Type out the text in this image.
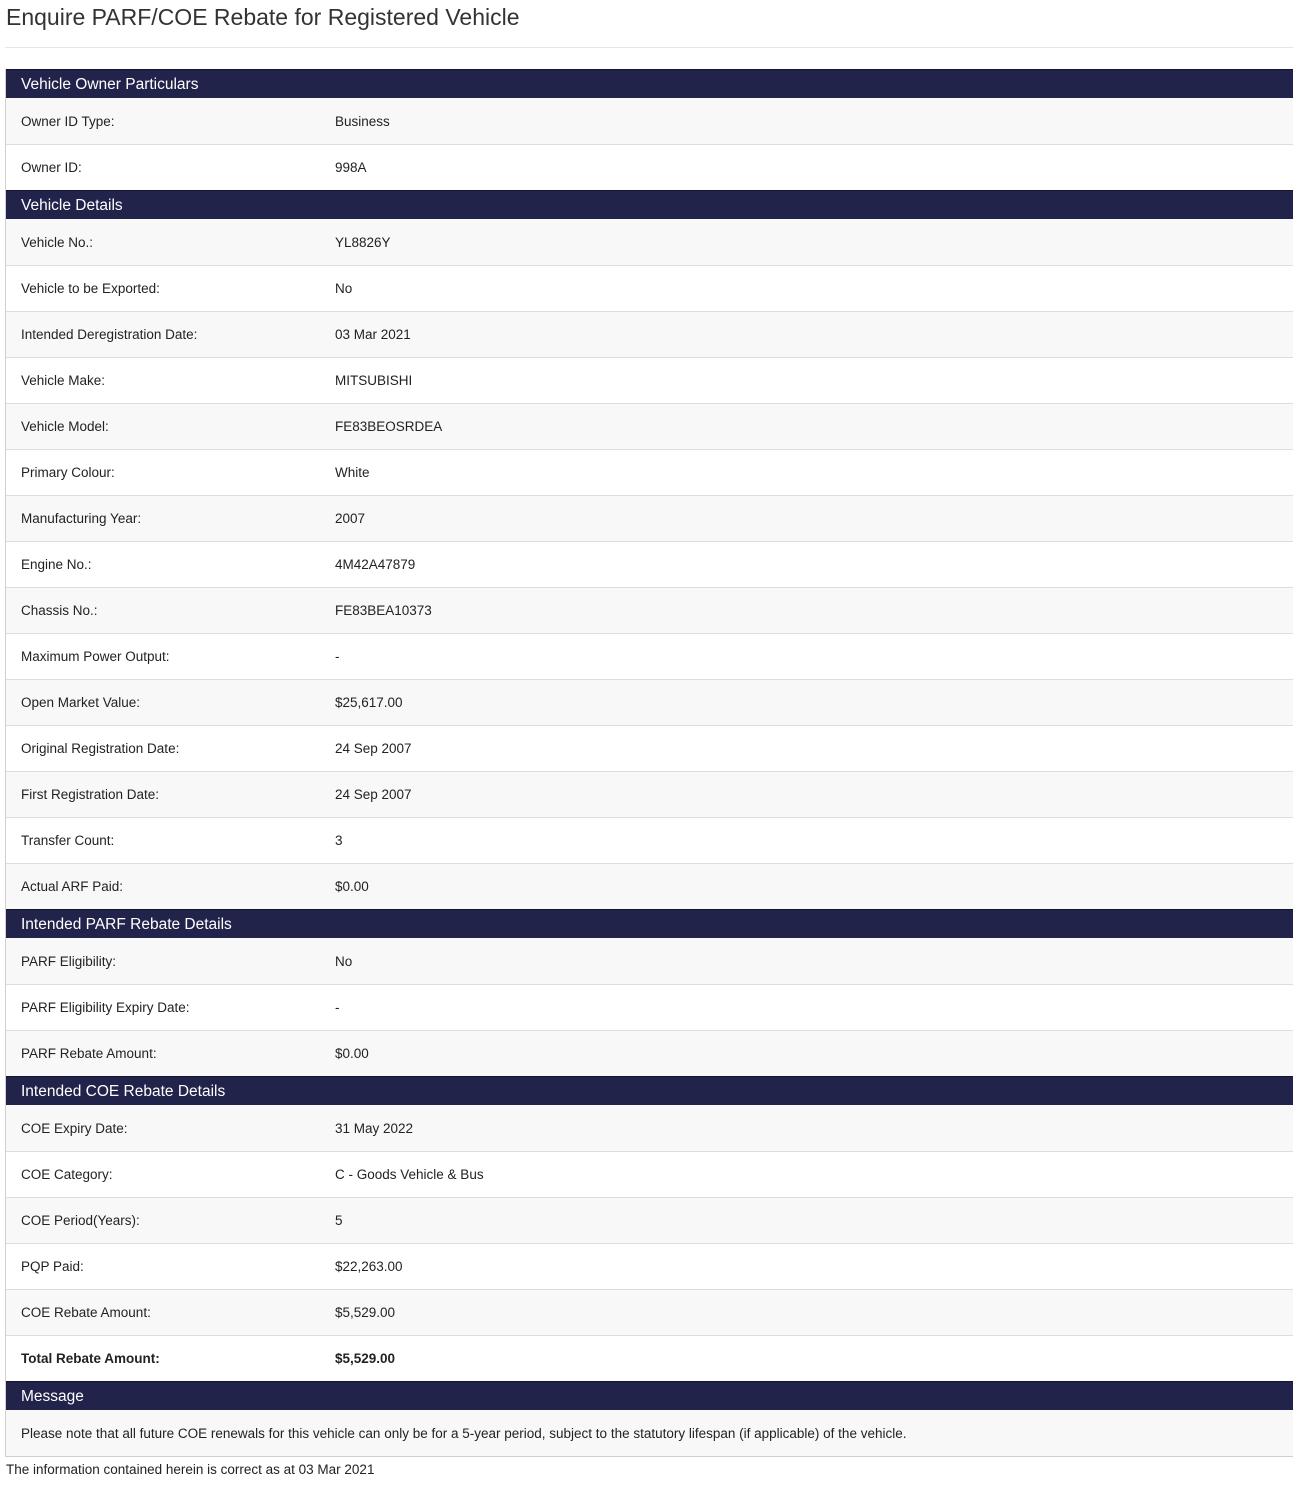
Enquire PARF/COE Rebate for Registered Vehicle
Vehicle Owner Particulars
Owner ID Type:	Business
Owner ID:	998A
Vehicle Details
Vehicle No.:	YL8826Y
Vehicle to be Exported:	No
Intended Deregistration Date:	03 Mar 2021
Vehicle Make:	MITSUBISHI
Vehicle Model:	FE83BEOSRDEA
Primary Colour:	White
Manufacturing Year:	2007
Engine No.:	4M42A47879
Chassis No.:	FE83BEA10373
Maximum Power Output:	-
Open Market Value:	$25,617.00
Original Registration Date:	24 Sep 2007
First Registration Date:	24 Sep 2007
Transfer Count:	3
Actual ARF Paid:	$0.00
Intended PARF Rebate Details
PARF Eligibility:	No
PARF Eligibility Expiry Date:	-
PARF Rebate Amount:	$0.00
Intended COE Rebate Details
COE Expiry Date:	31 May 2022
COE Category:	C - Goods Vehicle & Bus
COE Period(Years):	5
PQP Paid:	$22,263.00
COE Rebate Amount:	$5,529.00
Total Rebate Amount:	$5,529.00
Message
Please note that all future COE renewals for this vehicle can only be for a 5-year period, subject to the statutory lifespan (if applicable) of the vehicle.
The information contained herein is correct as at 03 Mar 2021
